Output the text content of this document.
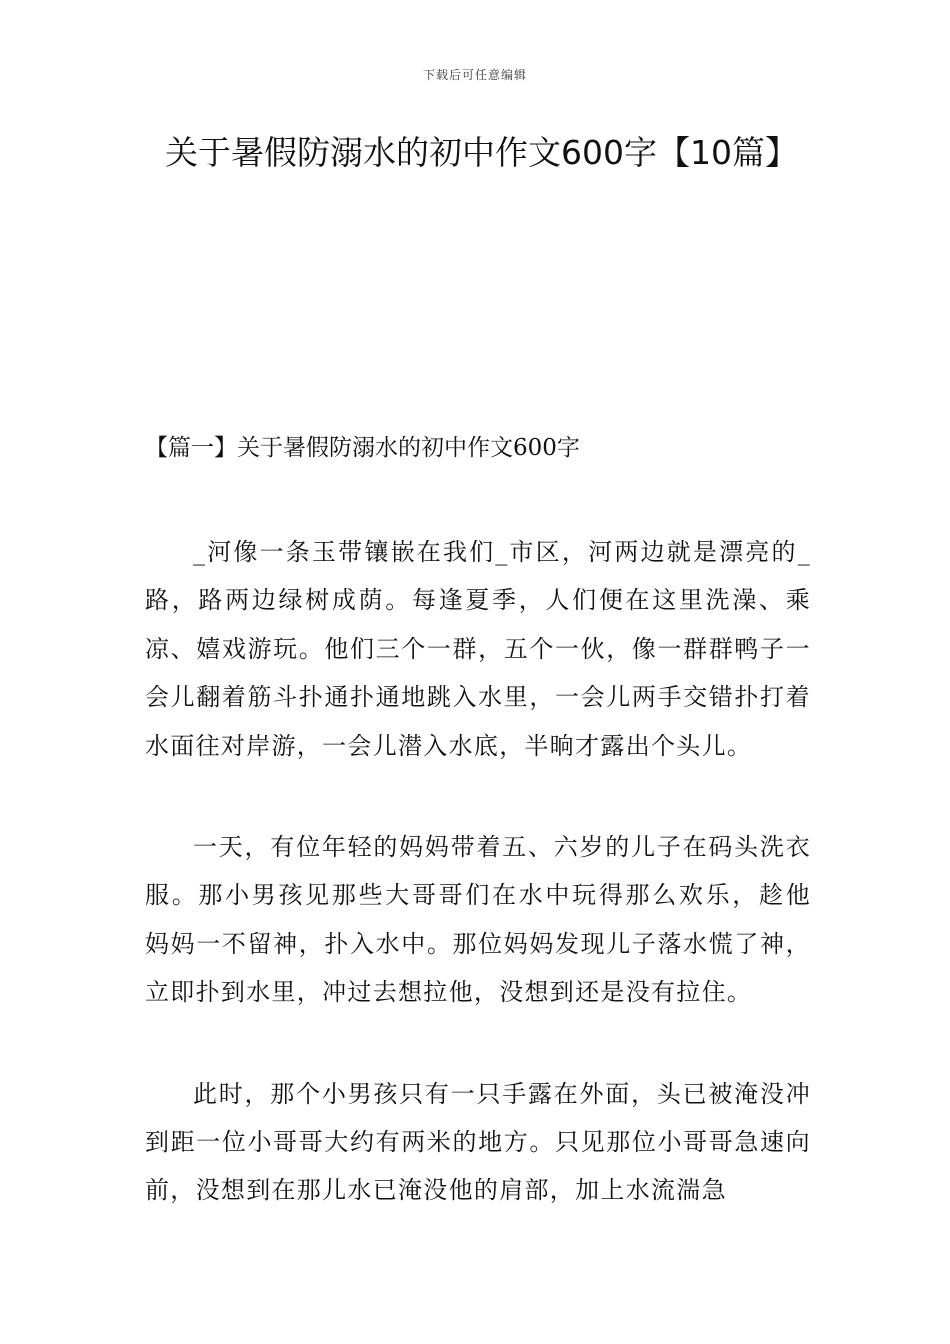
下载后可任意编辑
关于暑假防溺水的初中作文600字【10篇】
【篇一】关于暑假防溺水的初中作文600字

_河像一条玉带镶嵌在我们_市区，河两边就是漂亮的_路，路两边绿树成荫。每逢夏季，人们便在这里洗澡、乘凉、嬉戏游玩。他们三个一群，五个一伙，像一群群鸭子一会儿翻着筋斗扑通扑通地跳入水里，一会儿两手交错扑打着水面往对岸游，一会儿潜入水底，半晌才露出个头儿。

一天，有位年轻的妈妈带着五、六岁的儿子在码头洗衣服。那小男孩见那些大哥哥们在水中玩得那么欢乐，趁他 妈妈一不留神，扑入水中。那位妈妈发现儿子落水慌了神，立即扑到水里，冲过去想拉他，没想到还是没有拉住。

此时，那个小男孩只有一只手露在外面，头已被淹没冲到距一位小哥哥大约有两米的地方。只见那位小哥哥急速向前，没想到在那儿水已淹没他的肩部，加上水流湍急
